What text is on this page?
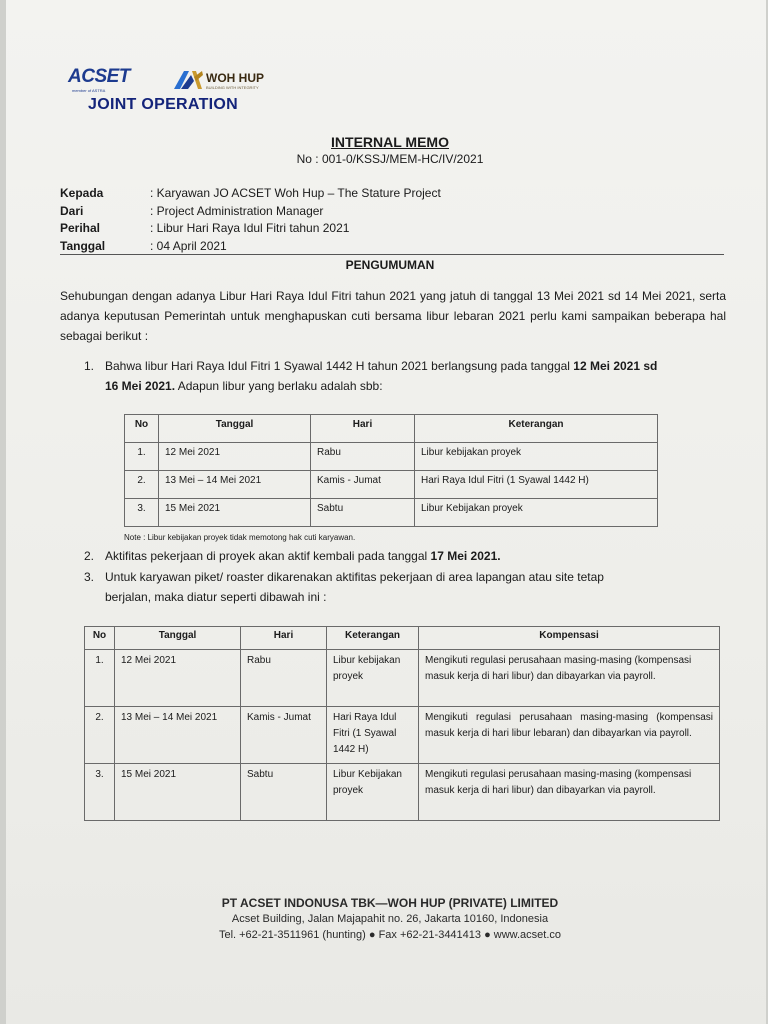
ACSET
member of ASTRA
WOH HUP
BUILDING WITH INTEGRITY
JOINT OPERATION
INTERNAL MEMO
No : 001-0/KSSJ/MEM-HC/IV/2021
Kepada	: Karyawan JO ACSET Woh Hup – The Stature Project
Dari	: Project Administration Manager
Perihal	: Libur Hari Raya Idul Fitri tahun 2021
Tanggal	: 04 April 2021
PENGUMUMAN
Sehubungan dengan adanya Libur Hari Raya Idul Fitri tahun 2021 yang jatuh di tanggal 13 Mei 2021 sd 14 Mei 2021, serta adanya keputusan Pemerintah untuk menghapuskan cuti bersama libur lebaran 2021 perlu kami sampaikan beberapa hal sebagai berikut :
1. Bahwa libur Hari Raya Idul Fitri 1 Syawal 1442 H tahun 2021 berlangsung pada tanggal 12 Mei 2021 sd
16 Mei 2021. Adapun libur yang berlaku adalah sbb:
No	Tanggal	Hari	Keterangan
1.	12 Mei 2021	Rabu	Libur kebijakan proyek
2.	13 Mei – 14 Mei 2021	Kamis - Jumat	Hari Raya Idul Fitri (1 Syawal 1442 H)
3.	15 Mei 2021	Sabtu	Libur Kebijakan proyek
Note : Libur kebijakan proyek tidak memotong hak cuti karyawan.
2. Aktifitas pekerjaan di proyek akan aktif kembali pada tanggal 17 Mei 2021.
3. Untuk karyawan piket/ roaster dikarenakan aktifitas pekerjaan di area lapangan atau site tetap
berjalan, maka diatur seperti dibawah ini :
No	Tanggal	Hari	Keterangan	Kompensasi
1.	12 Mei 2021	Rabu	Libur kebijakan proyek	Mengikuti regulasi perusahaan masing-masing (kompensasi masuk kerja di hari libur) dan dibayarkan via payroll.
2.	13 Mei – 14 Mei 2021	Kamis - Jumat	Hari Raya Idul Fitri (1 Syawal 1442 H)	Mengikuti regulasi perusahaan masing-masing (kompensasi masuk kerja di hari libur lebaran) dan dibayarkan via payroll.
3.	15 Mei 2021	Sabtu	Libur Kebijakan proyek	Mengikuti regulasi perusahaan masing-masing (kompensasi masuk kerja di hari libur) dan dibayarkan via payroll.
PT ACSET INDONUSA TBK—WOH HUP (PRIVATE) LIMITED
Acset Building, Jalan Majapahit no. 26, Jakarta 10160, Indonesia
Tel. +62-21-3511961 (hunting) ● Fax +62-21-3441413 ● www.acset.co
